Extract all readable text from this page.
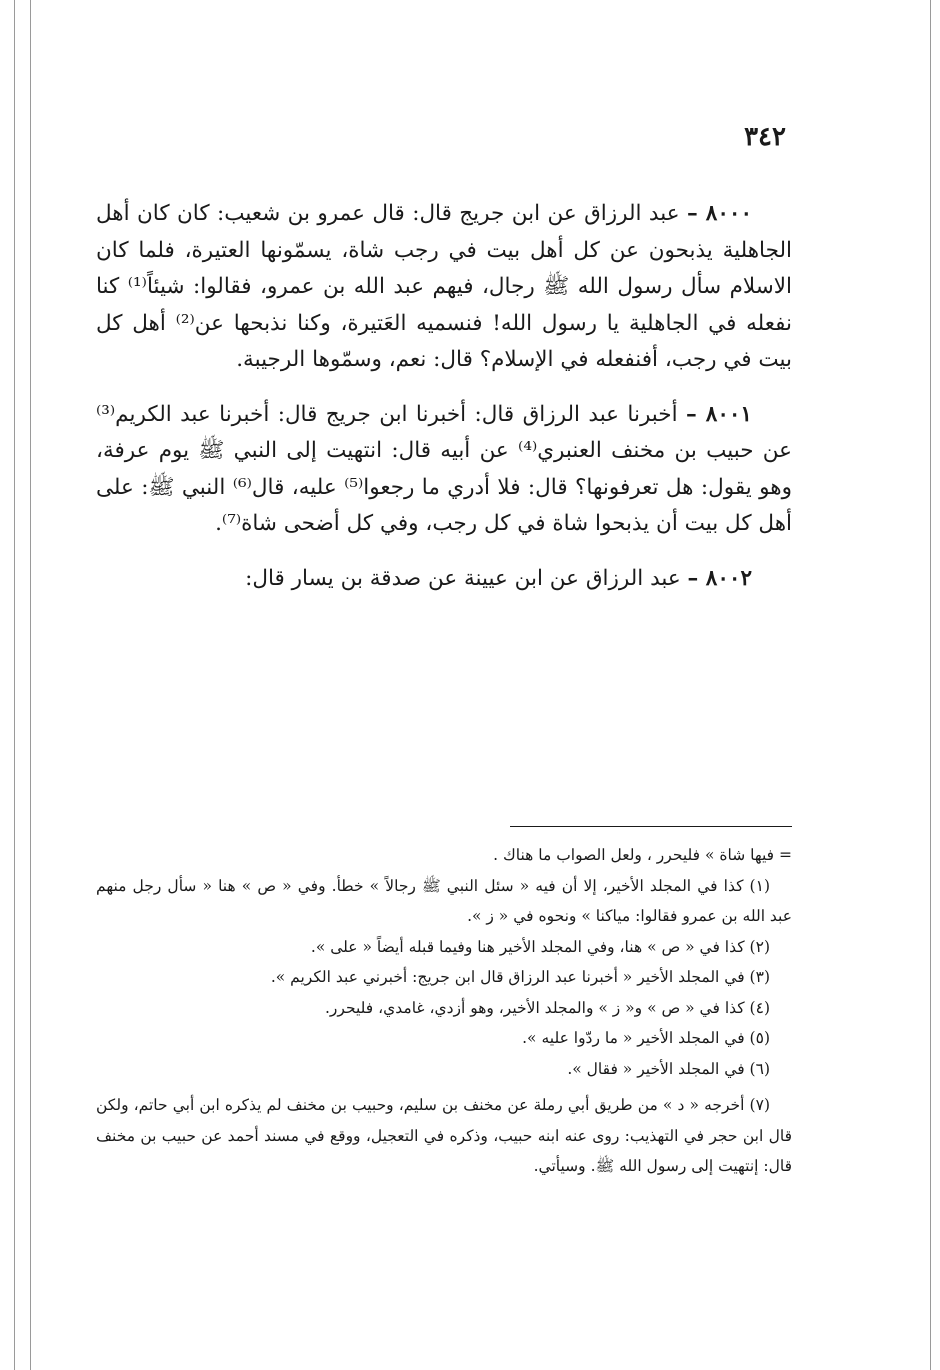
٣٤٢

٨٠٠٠ – عبد الرزاق عن ابن جريج قال: قال عمرو بن شعيب: كان كان أهل الجاهلية يذبحون عن كل أهل بيت في رجب شاة، يسمّونها العتيرة، فلما كان الاسلام سأل رسول الله ﷺ رجال، فيهم عبد الله بن عمرو، فقالوا: شيئاً⁽¹⁾ كنا نفعله في الجاهلية يا رسول الله! فنسميه العَتيرة، وكنا نذبحها عن⁽²⁾ أهل كل بيت في رجب، أفنفعله في الإسلام؟ قال: نعم، وسمّوها الرجيبة.

٨٠٠١ – أخبرنا عبد الرزاق قال: أخبرنا ابن جريج قال: أخبرنا عبد الكريم⁽³⁾ عن حبيب بن مخنف العنبري⁽⁴⁾ عن أبيه قال: انتهيت إلى النبي ﷺ يوم عرفة، وهو يقول: هل تعرفونها؟ قال: فلا أدري ما رجعوا⁽⁵⁾ عليه، قال⁽⁶⁾ النبي ﷺ: على أهل كل بيت أن يذبحوا شاة في كل رجب، وفي كل أضحى شاة⁽⁷⁾.

٨٠٠٢ – عبد الرزاق عن ابن عيينة عن صدقة بن يسار قال:

= فيها شاة » فليحرر ، ولعل الصواب ما هناك .

(١) كذا في المجلد الأخير، إلا أن فيه « سئل النبي ﷺ رجالاً » خطأ. وفي « ص » هنا « سأل رجل منهم عبد الله بن عمرو فقالوا: مياكنا » ونحوه في « ز ».

(٢) كذا في « ص » هنا، وفي المجلد الأخير هنا وفيما قبله أيضاً « على ».

(٣) في المجلد الأخير « أخبرنا عبد الرزاق قال ابن جريج: أخبرني عبد الكريم ».

(٤) كذا في « ص » و« ز » والمجلد الأخير، وهو أزدي، غامدي، فليحرر.

(٥) في المجلد الأخير « ما ردّوا عليه ».

(٦) في المجلد الأخير « فقال ».

(٧) أخرجه « د » من طريق أبي رملة عن مخنف بن سليم، وحبيب بن مخنف لم يذكره ابن أبي حاتم، ولكن قال ابن حجر في التهذيب: روى عنه ابنه حبيب، وذكره في التعجيل، ووقع في مسند أحمد عن حبيب بن مخنف قال: إنتهيت إلى رسول الله ﷺ. وسيأتي.
